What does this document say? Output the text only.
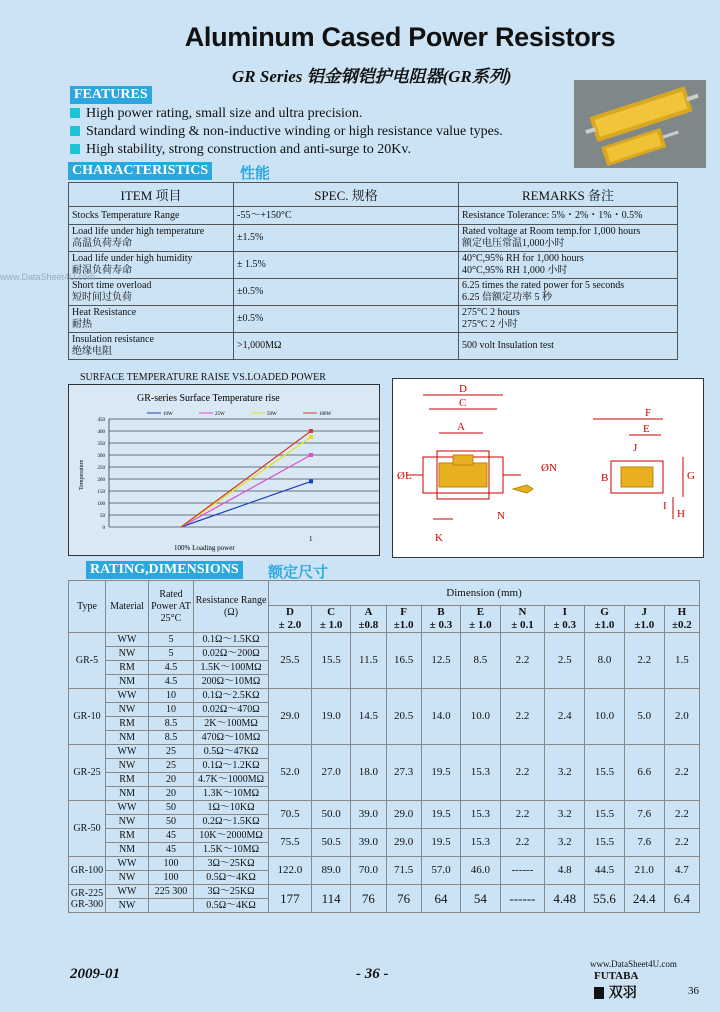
Aluminum Cased Power Resistors
GR Series 铝金钢铠护电阻器(GR系列)
FEATURES
High power rating, small size and ultra precision.
Standard winding & non-inductive winding or high resistance value types.
High stability, strong construction and anti-surge to 20Kv.
CHARACTERISTICS 性能
ITEM 项目	SPEC. 规格	REMARKS 备注
Stocks Temperature Range	-55～+150°C	Resistance Tolerance: 5%・2%・1%・0.5%

Load life under high temperature
高温负荷寿命	±1.5%	Rated voltage at Room temp.for 1,000 hours
额定电压常温1,000小时
Load life under high humidity
耐湿负荷寿命	± 1.5%	40°C,95% RH for 1,000 hours
40°C,95% RH 1,000 小时
Short time overload
短时间过负荷	±0.5%	6.25 times the rated power for 5 seconds
6.25 倍额定功率 5 秒
Heat Resistance
耐热	±0.5%	275°C 2 hours
275°C 2 小时
Insulation resistance
绝缘电阻	>1,000MΩ	500 volt Insulation test

SURFACE TEMPERATURE RAISE VS.LOADED POWER
GR-series Surface Temperature rise
0
50
100
150
200
250
300
350
400
450
1
100% Loading power
Temperature
10W	25W	50W	100W
D
C
A
N
K
F
E
B	G
H
J
I
ØN
ØL
RATING,DIMENSIONS 额定尺寸
Type	Material	Rated Power AT 25°C	Resistance Range (Ω)	Dimension (mm)										
				D	C	A	F	B	E	N	I	G	J	H
				± 2.0	± 1.0	±0.8	±1.0	± 0.3	± 1.0	± 0.1	± 0.3	±1.0	±1.0	±0.2
GR-5	WW	5	0.1Ω～1.5KΩ	25.5	15.5	11.5	16.5	12.5	8.5	2.2	2.5	8.0	2.2	1.5
	NW	5	0.02Ω～200Ω											
	RM	4.5	1.5K～100MΩ											
	NM	4.5	200Ω～10MΩ											
GR-10	WW	10	0.1Ω～2.5KΩ	29.0	19.0	14.5	20.5	14.0	10.0	2.2	2.4	10.0	5.0	2.0
	NW	10	0.02Ω～470Ω											
	RM	8.5	2K～100MΩ											
	NM	8.5	470Ω～10MΩ											
GR-25	WW	25	0.5Ω～47KΩ	52.0	27.0	18.0	27.3	19.5	15.3	2.2	3.2	15.5	6.6	2.2
	NW	25	0.1Ω～1.2KΩ											
	RM	20	4.7K～1000MΩ											
	NM	20	1.3K～10MΩ											
GR-50	WW	50	1Ω～10KΩ	70.5	50.0	39.0	29.0	19.5	15.3	2.2	3.2	15.5	7.6	2.2
	NW	50	0.2Ω～1.5KΩ											
	RM	45	10K～2000MΩ	75.5	50.5	39.0	29.0	19.5	15.3	2.2	3.2	15.5	7.6	2.2
	NM	45	1.5K～10MΩ											
GR-100	WW	100	3Ω～25KΩ	122.0	89.0	70.0	71.5	57.0	46.0	------	4.8	44.5	21.0	4.7
	NW	100	0.5Ω～4KΩ											
GR-225 GR-300	WW	225 300	3Ω～25KΩ	177	114	76	76	64	54	------	4.48	55.6	24.4	6.4
	NW		0.5Ω～4KΩ											
www.DataSheet4U.com
2009-01	- 36 -
36
www.DataSheet4U.com FUTABA
双羽
